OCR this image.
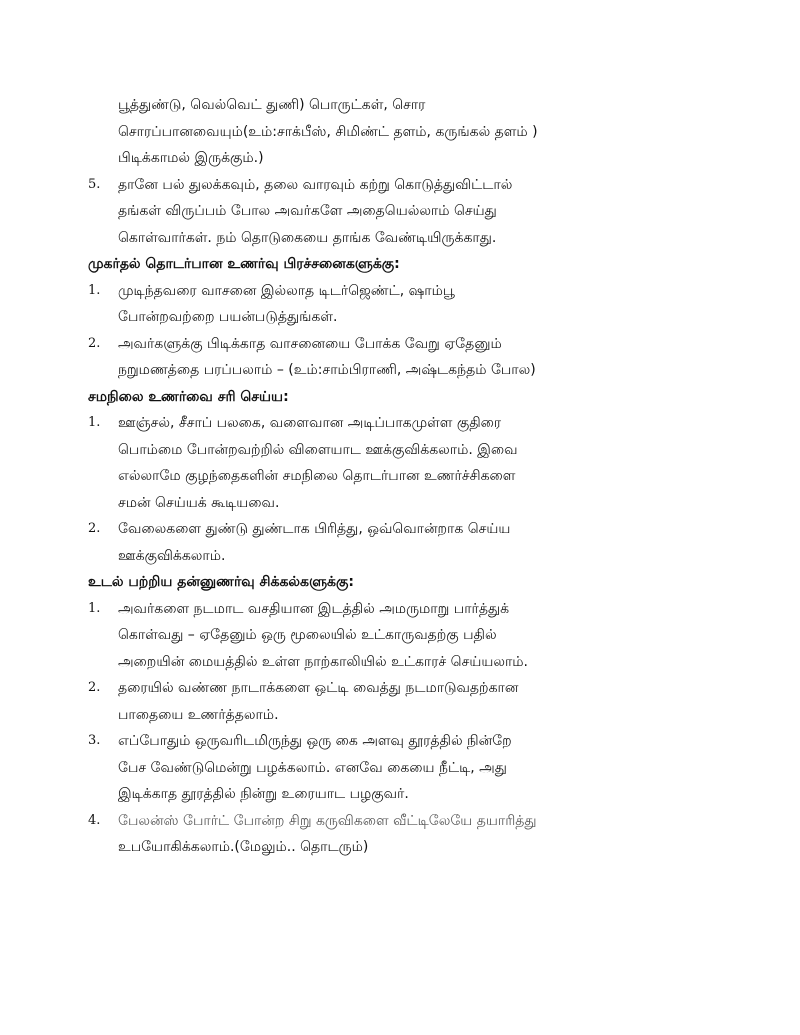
பூத்துண்டு, வெல்வெட் துணி) பொருட்கள், சொர
சொரப்பானவையும்(உம்:சாக்பீஸ், சிமிண்ட் தளம், கருங்கல் தளம் )
பிடிக்காமல் இருக்கும்.)
5.	தானே பல் துலக்கவும், தலை வாரவும் கற்று கொடுத்துவிட்டால்
தங்கள் விருப்பம் போல அவர்களே அதையெல்லாம் செய்து
கொள்வார்கள். நம் தொடுகையை தாங்க வேண்டியிருக்காது.
முகர்தல் தொடர்பான உணர்வு பிரச்சனைகளுக்கு:
1.	முடிந்தவரை வாசனை இல்லாத டிடர்ஜெண்ட், ஷாம்பூ
போன்றவற்றை பயன்படுத்துங்கள்.
2.	அவர்களுக்கு பிடிக்காத வாசனையை போக்க வேறு ஏதேனும்
நறுமணத்தை பரப்பலாம் – (உம்:சாம்பிராணி, அஷ்டகந்தம் போல)
சமநிலை உணர்வை சரி செய்ய:
1.	ஊஞ்சல், சீசாப் பலகை, வளைவான அடிப்பாகமுள்ள குதிரை
பொம்மை போன்றவற்றில் விளையாட ஊக்குவிக்கலாம். இவை
எல்லாமே குழந்தைகளின் சமநிலை தொடர்பான உணர்ச்சிகளை
சமன் செய்யக் கூடியவை.
2.	வேலைகளை துண்டு துண்டாக பிரித்து, ஒவ்வொன்றாக செய்ய
ஊக்குவிக்கலாம்.
உடல் பற்றிய தன்னுணர்வு சிக்கல்களுக்கு:
1.	அவர்களை நடமாட வசதியான இடத்தில் அமருமாறு பார்த்துக்
கொள்வது – ஏதேனும் ஒரு மூலையில் உட்காருவதற்கு பதில்
அறையின் மையத்தில் உள்ள நாற்காலியில் உட்காரச் செய்யலாம்.
2.	தரையில் வண்ண நாடாக்களை ஒட்டி வைத்து நடமாடுவதற்கான
பாதையை உணர்த்தலாம்.
3.	எப்போதும் ஒருவரிடமிருந்து ஒரு கை அளவு தூரத்தில் நின்றே
பேச வேண்டுமென்று பழக்கலாம். எனவே கையை நீட்டி, அது
இடிக்காத தூரத்தில் நின்று உரையாட பழகுவர்.
4.	பேலன்ஸ் போர்ட் போன்ற சிறு கருவிகளை வீட்டிலேயே தயாரித்து
உபயோகிக்கலாம்.(மேலும்.. தொடரும்)
